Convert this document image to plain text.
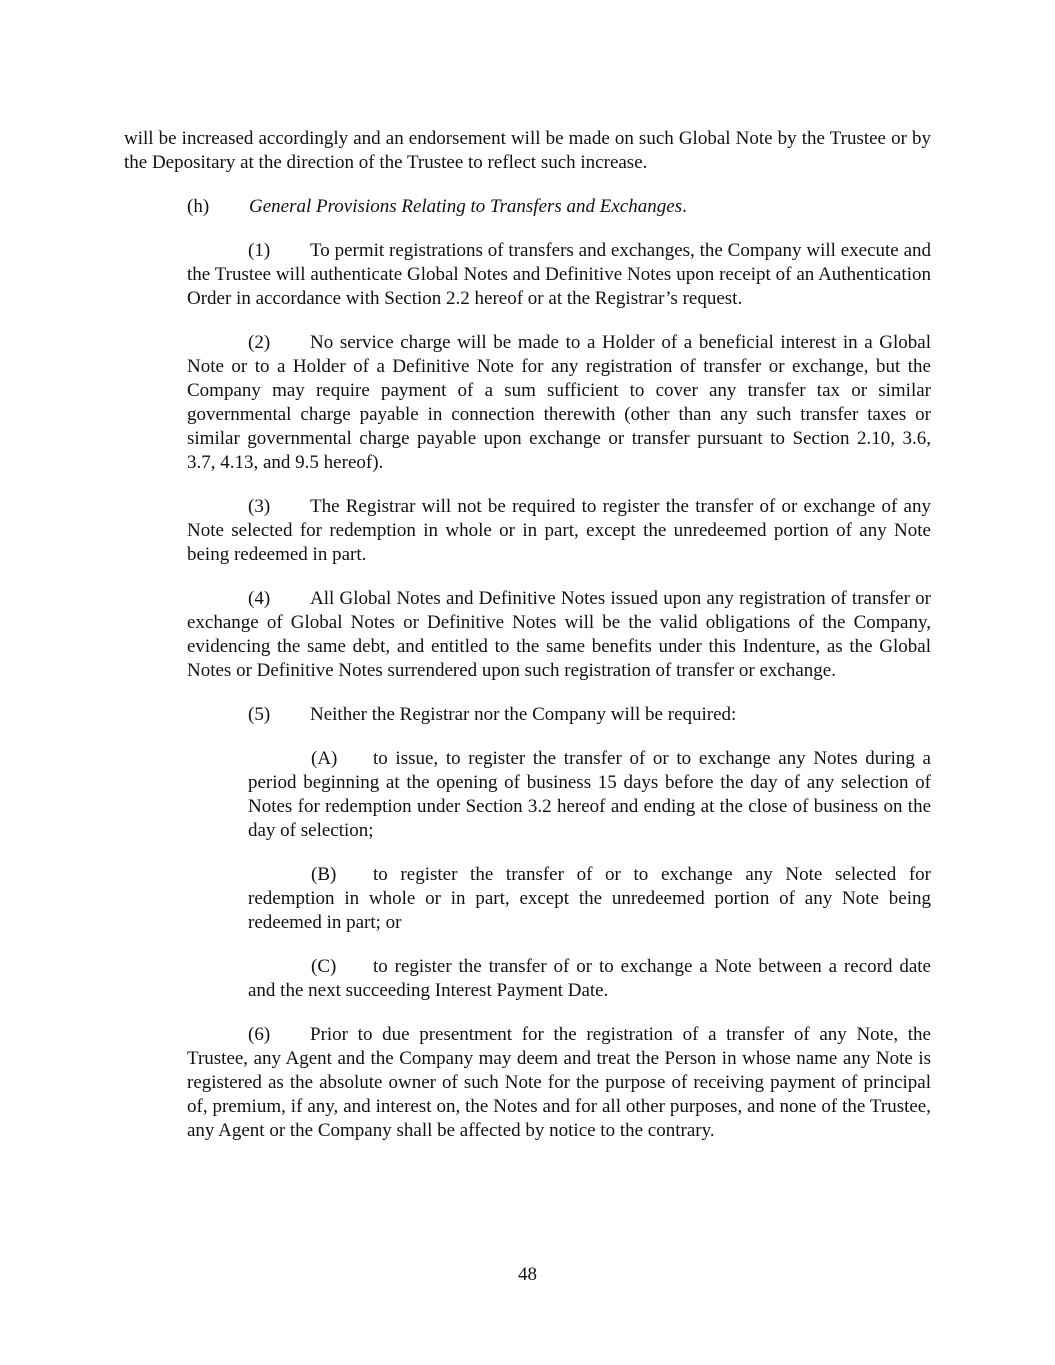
will be increased accordingly and an endorsement will be made on such Global Note by the Trustee or by the Depositary at the direction of the Trustee to reflect such increase.

(h) General Provisions Relating to Transfers and Exchanges.

(1) To permit registrations of transfers and exchanges, the Company will execute and the Trustee will authenticate Global Notes and Definitive Notes upon receipt of an Authentication Order in accordance with Section 2.2 hereof or at the Registrar’s request.

(2) No service charge will be made to a Holder of a beneficial interest in a Global Note or to a Holder of a Definitive Note for any registration of transfer or exchange, but the Company may require payment of a sum sufficient to cover any transfer tax or similar governmental charge payable in connection therewith (other than any such transfer taxes or similar governmental charge payable upon exchange or transfer pursuant to Section 2.10, 3.6, 3.7, 4.13, and 9.5 hereof).

(3) The Registrar will not be required to register the transfer of or exchange of any Note selected for redemption in whole or in part, except the unredeemed portion of any Note being redeemed in part.

(4) All Global Notes and Definitive Notes issued upon any registration of transfer or exchange of Global Notes or Definitive Notes will be the valid obligations of the Company, evidencing the same debt, and entitled to the same benefits under this Indenture, as the Global Notes or Definitive Notes surrendered upon such registration of transfer or exchange.

(5) Neither the Registrar nor the Company will be required:

(A) to issue, to register the transfer of or to exchange any Notes during a period beginning at the opening of business 15 days before the day of any selection of Notes for redemption under Section 3.2 hereof and ending at the close of business on the day of selection;

(B) to register the transfer of or to exchange any Note selected for redemption in whole or in part, except the unredeemed portion of any Note being redeemed in part; or

(C) to register the transfer of or to exchange a Note between a record date and the next succeeding Interest Payment Date.

(6) Prior to due presentment for the registration of a transfer of any Note, the Trustee, any Agent and the Company may deem and treat the Person in whose name any Note is registered as the absolute owner of such Note for the purpose of receiving payment of principal of, premium, if any, and interest on, the Notes and for all other purposes, and none of the Trustee, any Agent or the Company shall be affected by notice to the contrary.

48
